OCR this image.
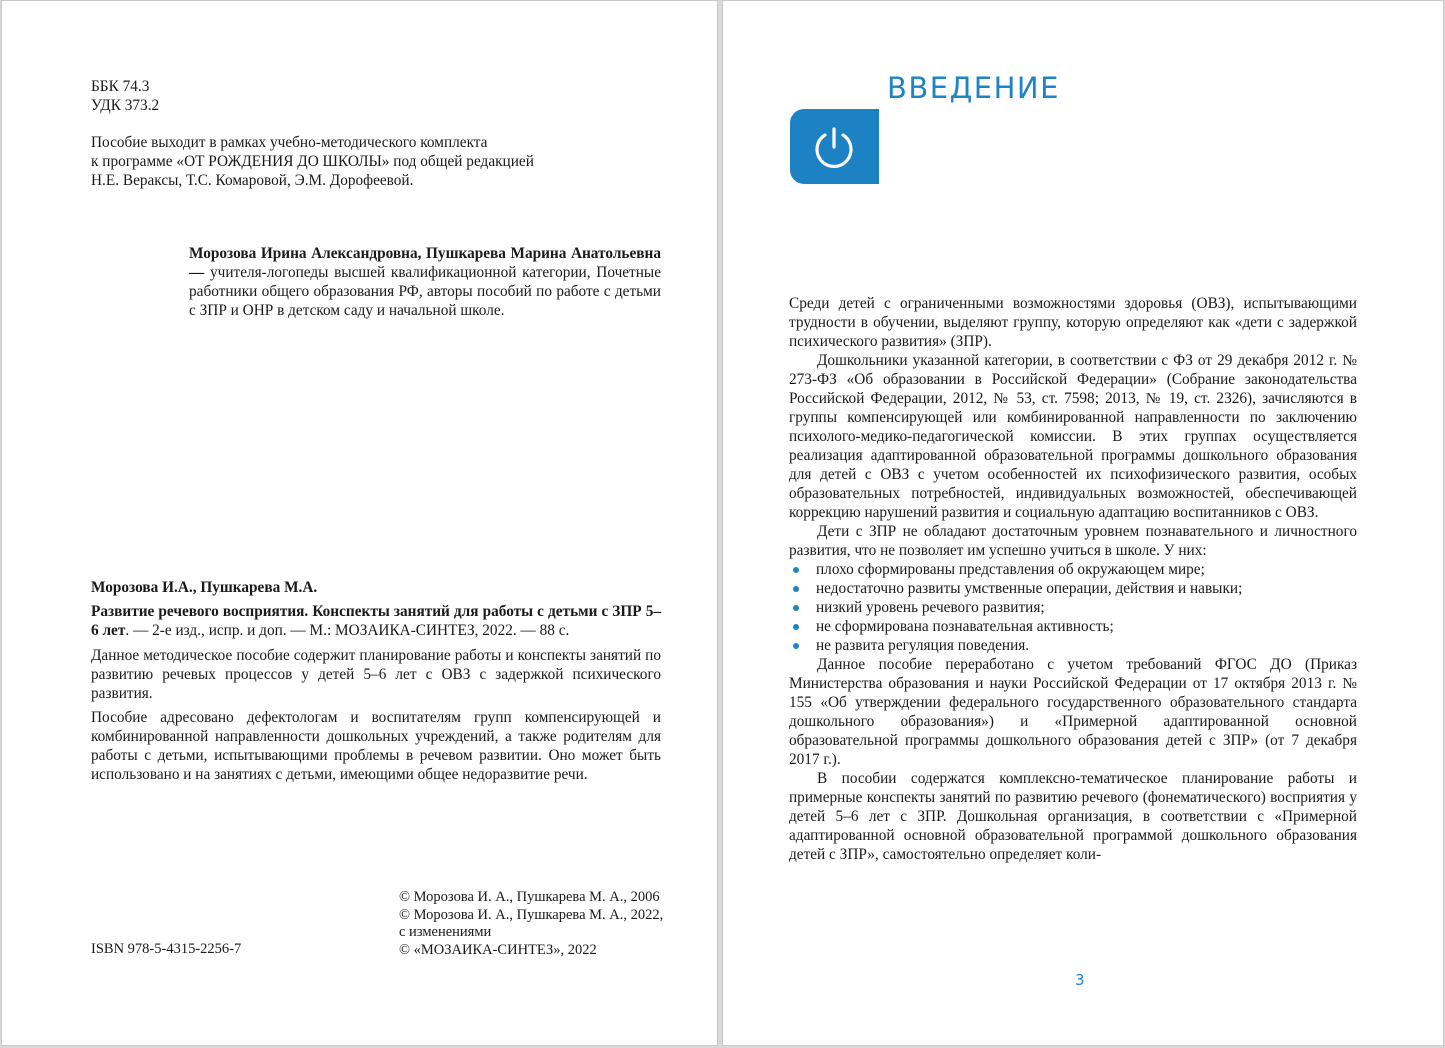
ББК 74.3
УДК 373.2
Пособие выходит в рамках учебно-методического комплекта
к программе «ОТ РОЖДЕНИЯ ДО ШКОЛЫ» под общей редакцией
Н.Е. Вераксы, Т.С. Комаровой, Э.М. Дорофеевой.
Морозова Ирина Александровна, Пушкарева Марина Анатольевна — учителя-логопеды высшей квалификационной категории, Почетные работники общего образования РФ, авторы пособий по работе с детьми с ЗПР и ОНР в детском саду и начальной школе.

Морозова И.А., Пушкарева М.А.

Развитие речевого восприятия. Конспекты занятий для работы с детьми с ЗПР 5–6 лет. — 2-е изд., испр. и доп. — М.: МОЗАИКА-СИНТЕЗ, 2022. — 88 с.

Данное методическое пособие содержит планирование работы и конспекты занятий по развитию речевых процессов у детей 5–6 лет с ОВЗ с задержкой психического развития.

Пособие адресовано дефектологам и воспитателям групп компенсирующей и комбинированной направленности дошкольных учреждений, а также родителям для работы с детьми, испытывающими проблемы в речевом развитии. Оно может быть использовано и на занятиях с детьми, имеющими общее недоразвитие речи.

© Морозова И. А., Пушкарева М. А., 2006
© Морозова И. А., Пушкарева М. А., 2022,
с изменениями
© «МОЗАИКА-СИНТЕЗ», 2022
ISBN 978-5-4315-2256-7
ВВЕДЕНИЕ

Среди детей с ограниченными возможностями здоровья (ОВЗ), испытывающими трудности в обучении, выделяют группу, которую определяют как «дети с задержкой психического развития» (ЗПР).

Дошкольники указанной категории, в соответствии с ФЗ от 29 декабря 2012 г. № 273-ФЗ «Об образовании в Российской Федерации» (Собрание законодательства Российской Федерации, 2012, № 53, ст. 7598; 2013, № 19, ст. 2326), зачисляются в группы компенсирующей или комбинированной направленности по заключению психолого-медико-педагогической комиссии. В этих группах осуществляется реализация адаптированной образовательной программы дошкольного образования для детей с ОВЗ с учетом особенностей их психофизического развития, особых образовательных потребностей, индивидуальных возможностей, обеспечивающей коррекцию нарушений развития и социальную адаптацию воспитанников с ОВЗ.

Дети с ЗПР не обладают достаточным уровнем познавательного и личностного развития, что не позволяет им успешно учиться в школе. У них:

плохо сформированы представления об окружающем мире;
недостаточно развиты умственные операции, действия и навыки;
низкий уровень речевого развития;
не сформирована познавательная активность;
не развита регуляция поведения.

Данное пособие переработано с учетом требований ФГОС ДО (Приказ Министерства образования и науки Российской Федерации от 17 октября 2013 г. № 155 «Об утверждении федерального государственного образовательного стандарта дошкольного образования») и «Примерной адаптированной основной образовательной программы дошкольного образования детей с ЗПР» (от 7 декабря 2017 г.).

В пособии содержатся комплексно-тематическое планирование работы и примерные конспекты занятий по развитию речевого (фонематического) восприятия у детей 5–6 лет с ЗПР. Дошкольная организация, в соответствии с «Примерной адаптированной основной образовательной программой дошкольного образования детей с ЗПР», самостоятельно определяет коли-

3
